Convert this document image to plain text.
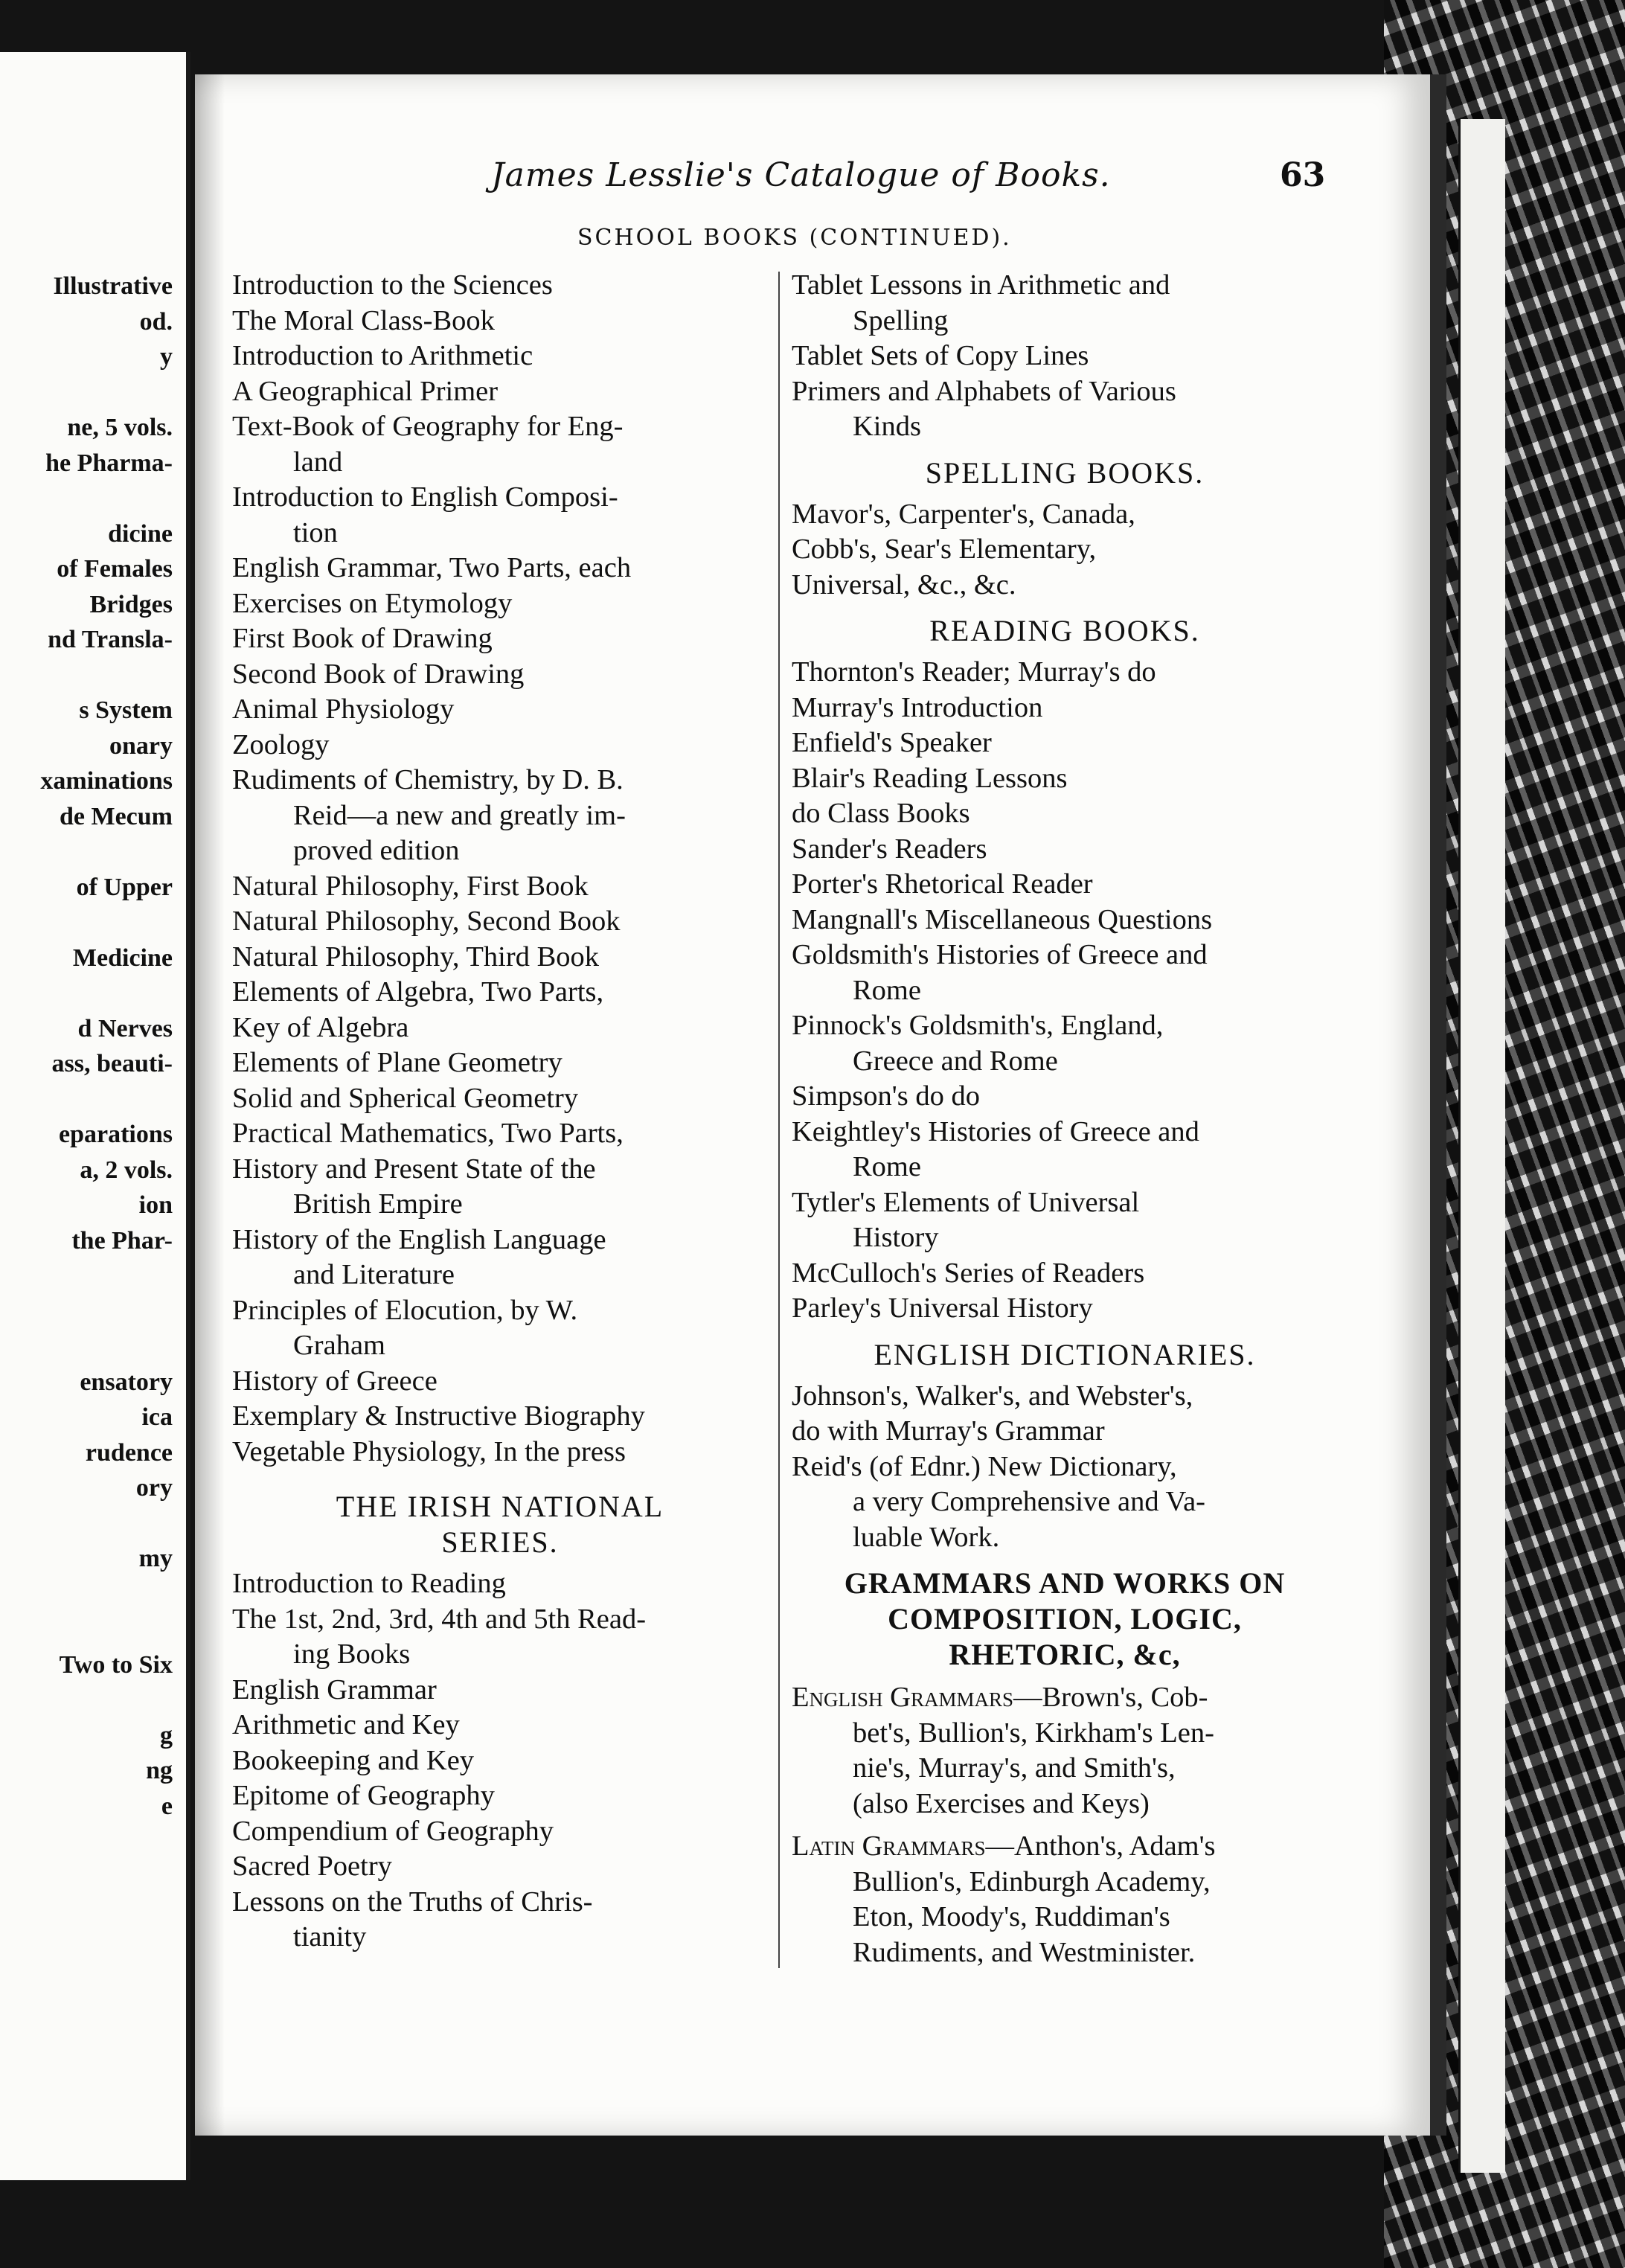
Illustrative
od.
y
ne, 5 vols.
he Pharma-
dicine
of Females
Bridges
nd Transla-
s System
onary
xaminations
de Mecum
of Upper
Medicine
d Nerves
ass, beauti-
eparations
a, 2 vols.
ion
the Phar-
ensatory
ica
rudence
ory
my
Two to Six
g
ng
e
James Lesslie's Catalogue of Books.	63
SCHOOL BOOKS (CONTINUED).

Introduction to the Sciences

The Moral Class-Book

Introduction to Arithmetic

A Geographical Primer

Text-Book of Geography for Eng-
land

Introduction to English Composi-
tion

English Grammar, Two Parts, each

Exercises on Etymology

First Book of Drawing

Second Book of Drawing

Animal Physiology

Zoology

Rudiments of Chemistry, by D. B.
Reid—a new and greatly im-

proved edition

Natural Philosophy, First Book

Natural Philosophy, Second Book

Natural Philosophy, Third Book

Elements of Algebra, Two Parts,

Key of Algebra

Elements of Plane Geometry

Solid and Spherical Geometry

Practical Mathematics, Two Parts,

History and Present State of the
British Empire

History of the English Language
and Literature

Principles of Elocution, by W.
Graham

History of Greece

Exemplary & Instructive Biography

Vegetable Physiology, In the press

THE IRISH NATIONAL
SERIES.

Introduction to Reading

The 1st, 2nd, 3rd, 4th and 5th Read-
ing Books

English Grammar

Arithmetic and Key

Bookeeping and Key

Epitome of Geography

Compendium of Geography

Sacred Poetry

Lessons on the Truths of Chris-
tianity

Tablet Lessons in Arithmetic and
Spelling

Tablet Sets of Copy Lines

Primers and Alphabets of Various
Kinds

SPELLING BOOKS.

Mavor's, Carpenter's, Canada,

Cobb's, Sear's Elementary,

Universal, &c., &c.

READING BOOKS.

Thornton's Reader; Murray's do

Murray's Introduction

Enfield's Speaker

Blair's Reading Lessons

do Class Books

Sander's Readers

Porter's Rhetorical Reader

Mangnall's Miscellaneous Questions

Goldsmith's Histories of Greece and
Rome

Pinnock's Goldsmith's, England,
Greece and Rome

Simpson's do do

Keightley's Histories of Greece and
Rome

Tytler's Elements of Universal
History

McCulloch's Series of Readers

Parley's Universal History

ENGLISH DICTIONARIES.

Johnson's, Walker's, and Webster's,

do with Murray's Grammar

Reid's (of Ednr.) New Dictionary,
a very Comprehensive and Va-

luable Work.

GRAMMARS AND WORKS ON
COMPOSITION, LOGIC,
RHETORIC, &c,

English Grammars—Brown's, Cob-
bet's, Bullion's, Kirkham's Len-
nie's, Murray's, and Smith's,
(also Exercises and Keys)

Latin Grammars—Anthon's, Adam's
Bullion's, Edinburgh Academy,
Eton, Moody's, Ruddiman's
Rudiments, and Westminister.
